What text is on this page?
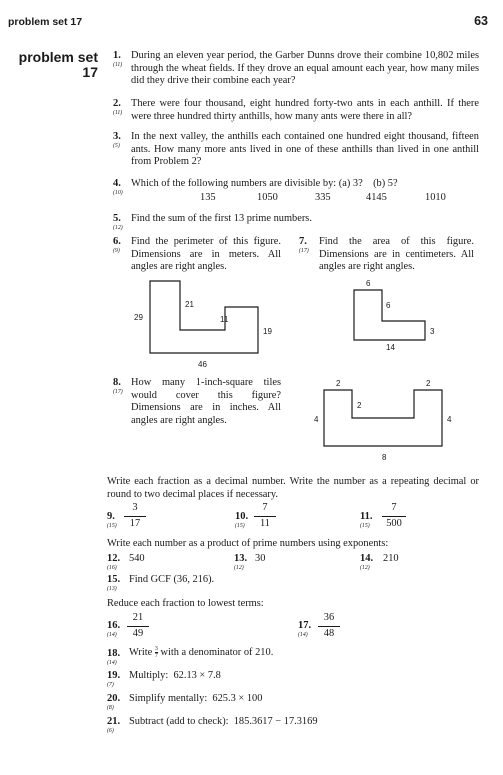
problem set 17	63
problem set
17
1.
(11)
During an eleven year period, the Garber Dunns drove their combine 10,802 miles through the wheat fields. If they drove an equal amount each year, how many miles did they drive their combine each year?
2.
(11)
There were four thousand, eight hundred forty-two ants in each anthill. If there were three hundred thirty anthills, how many ants were there in all?
3.
(5)
In the next valley, the anthills each contained one hundred eight thousand, fifteen ants. How many more ants lived in one of these anthills than lived in one anthill from Problem 2?
4.
(10)
Which of the following numbers are divisible by: (a) 3?    (b) 5?
135	1050	335	4145	1010
5.
(12)
Find the sum of the first 13 prime numbers.
6.
(9)
Find the perimeter of this figure. Dimensions are in meters. All angles are right angles.
7.
(17)
Find the area of this figure. Dimensions are in centimeters. All angles are right angles.
21
29	11
19
46
6
6
3
14
8.
(17)
How many 1-inch-square tiles would cover this figure? Dimensions are in inches. All angles are right angles.
2	2
2
4	4
8
Write each fraction as a decimal number. Write the number as a repeating decimal or round to two decimal places if necessary.
9.
$(15) \frac{3}{17}$	10.
$(15) \frac{7}{11}$	11.
$(15) \frac{7}{500}$
Write each number as a product of prime numbers using exponents:
12.
(16)
540	13.
(12)
30	14.
(12)
210
15.
(13)
Find GCF (36, 216).
Reduce each fraction to lowest terms:
16.
$(14) \frac{21}{49}$	17.
$(14) \frac{36}{48}$
18.
(14)
Write $\frac{3}{7}$ with a denominator of 210.
19.
(7)
Multiply:  62.13 × 7.8
20.
(8)
Simplify mentally:  625.3 × 100
21.
(6)
Subtract (add to check):  185.3617 − 17.3169
